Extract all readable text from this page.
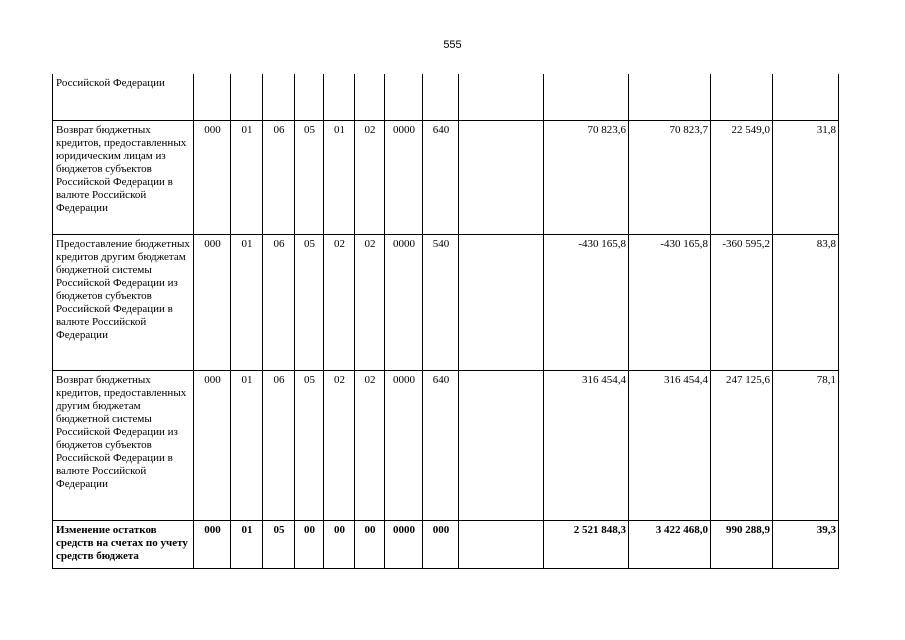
555
Российской Федерации														
Возврат бюджетных кредитов, предоставленных юридическим лицам из бюджетов субъектов Российской Федерации в валюте Российской Федерации	000	01	06	05	01	02	0000	640		70 823,6	70 823,7	22 549,0	31,8	
Предоставление бюджетных кредитов другим бюджетам бюджетной системы Российской Федерации из бюджетов субъектов Российской Федерации в валюте Российской Федерации	000	01	06	05	02	02	0000	540		-430 165,8	-430 165,8	-360 595,2	83,8	
Возврат бюджетных кредитов, предоставленных другим бюджетам бюджетной системы Российской Федерации из бюджетов субъектов Российской Федерации в валюте Российской Федерации	000	01	06	05	02	02	0000	640		316 454,4	316 454,4	247 125,6	78,1	
Изменение остатков средств на счетах по учету средств бюджета	000	01	05	00	00	00	0000	000		2 521 848,3	3 422 468,0	990 288,9	39,3	
